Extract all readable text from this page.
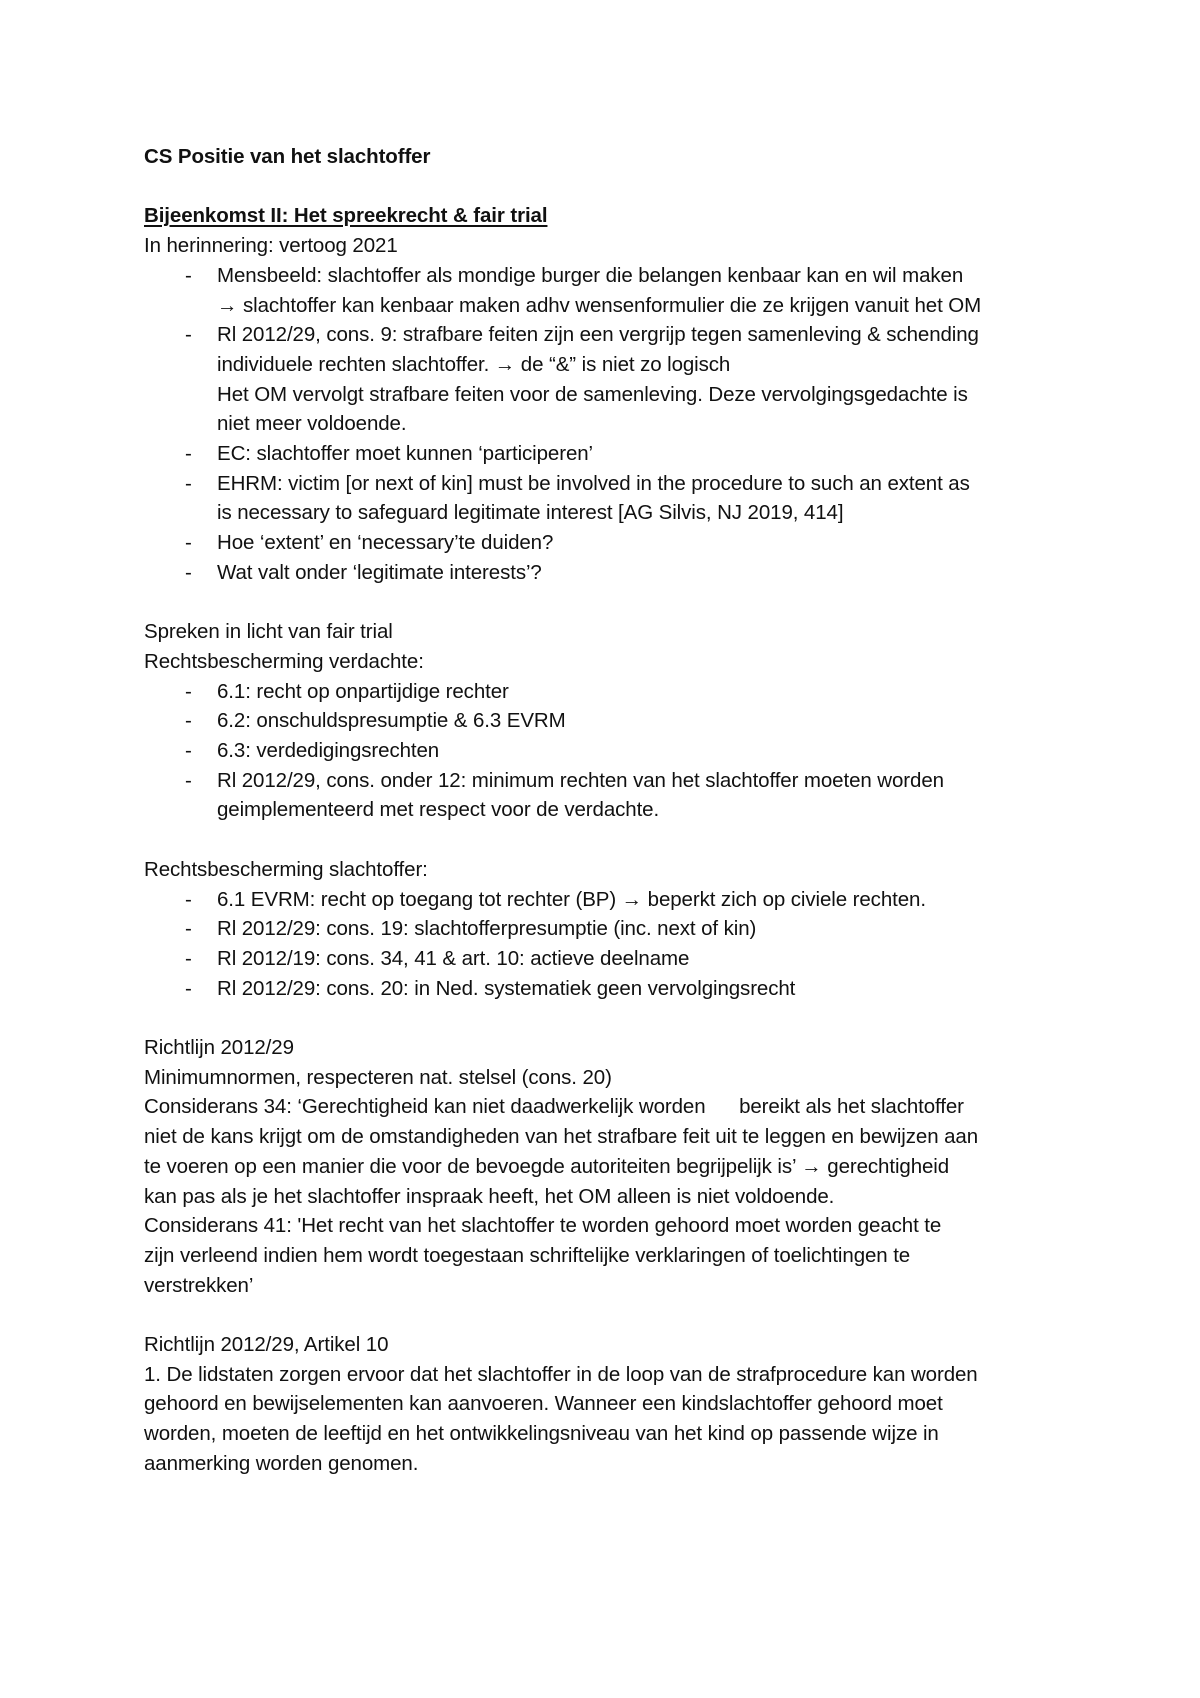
CS Positie van het slachtoffer
Bijeenkomst II: Het spreekrecht & fair trial
In herinnering: vertoog 2021
- Mensbeeld: slachtoffer als mondige burger die belangen kenbaar kan en wil maken
→ slachtoffer kan kenbaar maken adhv wensenformulier die ze krijgen vanuit het OM
- Rl 2012/29, cons. 9: strafbare feiten zijn een vergrijp tegen samenleving & schending
individuele rechten slachtoffer. → de “&” is niet zo logisch
Het OM vervolgt strafbare feiten voor de samenleving. Deze vervolgingsgedachte is
niet meer voldoende.
- EC: slachtoffer moet kunnen ‘participeren’
- EHRM: victim [or next of kin] must be involved in the procedure to such an extent as
is necessary to safeguard legitimate interest [AG Silvis, NJ 2019, 414]
- Hoe ‘extent’ en ‘necessary’te duiden?
- Wat valt onder ‘legitimate interests’?
Spreken in licht van fair trial
Rechtsbescherming verdachte:
- 6.1: recht op onpartijdige rechter
- 6.2: onschuldspresumptie & 6.3 EVRM
- 6.3: verdedigingsrechten
- Rl 2012/29, cons. onder 12: minimum rechten van het slachtoffer moeten worden
geimplementeerd met respect voor de verdachte.
Rechtsbescherming slachtoffer:
- 6.1 EVRM: recht op toegang tot rechter (BP) → beperkt zich op civiele rechten.
- Rl 2012/29: cons. 19: slachtofferpresumptie (inc. next of kin)
- Rl 2012/19: cons. 34, 41 & art. 10: actieve deelname
- Rl 2012/29: cons. 20: in Ned. systematiek geen vervolgingsrecht
Richtlijn 2012/29
Minimumnormen, respecteren nat. stelsel (cons. 20)
Considerans 34: ‘Gerechtigheid kan niet daadwerkelijk worden      bereikt als het slachtoffer
niet de kans krijgt om de omstandigheden van het strafbare feit uit te leggen en bewijzen aan
te voeren op een manier die voor de bevoegde autoriteiten begrijpelijk is’ → gerechtigheid
kan pas als je het slachtoffer inspraak heeft, het OM alleen is niet voldoende.
Considerans 41: 'Het recht van het slachtoffer te worden gehoord moet worden geacht te
zijn verleend indien hem wordt toegestaan schriftelijke verklaringen of toelichtingen te
verstrekken’
Richtlijn 2012/29, Artikel 10
1. De lidstaten zorgen ervoor dat het slachtoffer in de loop van de strafprocedure kan worden
gehoord en bewijselementen kan aanvoeren. Wanneer een kindslachtoffer gehoord moet
worden, moeten de leeftijd en het ontwikkelingsniveau van het kind op passende wijze in
aanmerking worden genomen.
